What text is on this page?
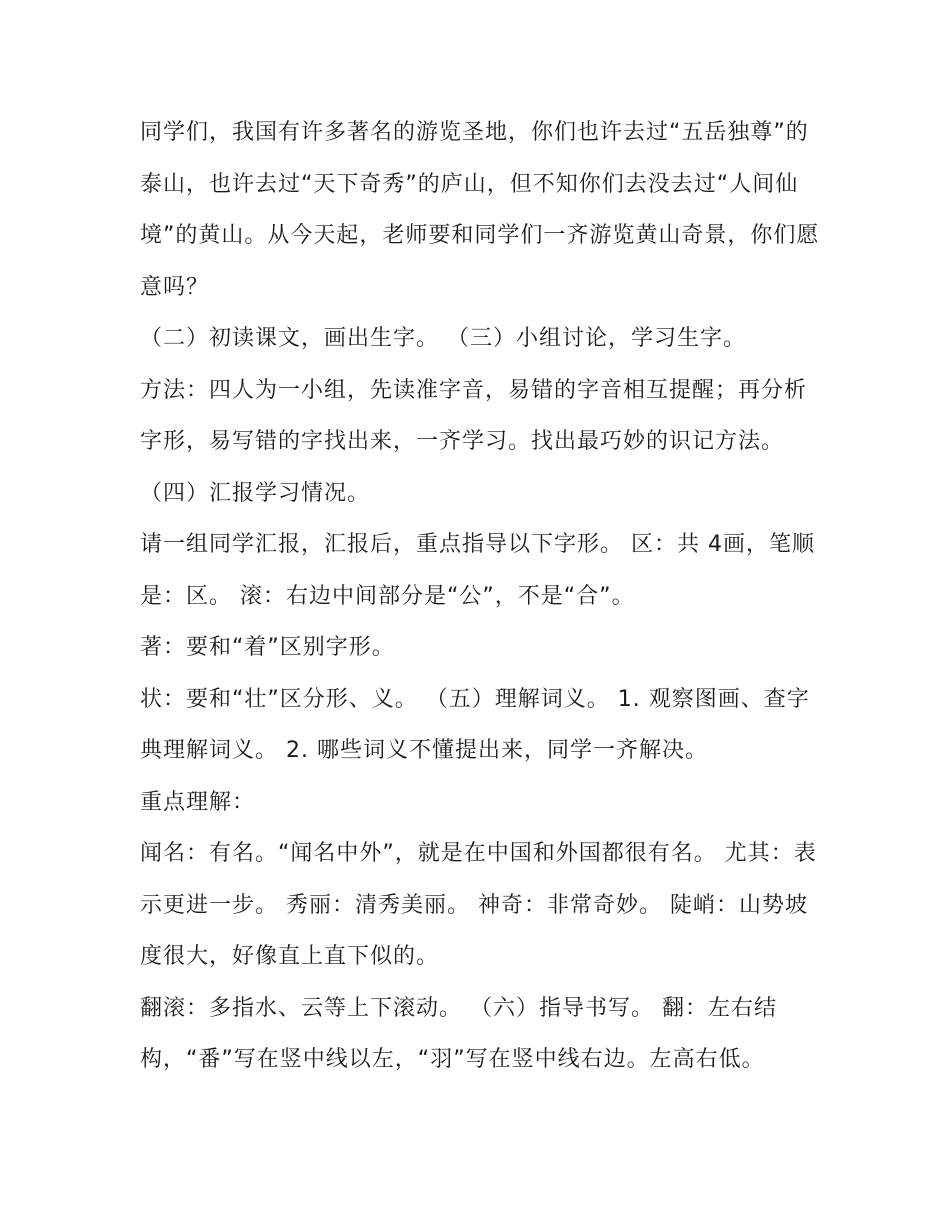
同学们，我国有许多著名的游览圣地，你们也许去过“五岳独尊”的泰山，也许去过“天下奇秀”的庐山，但不知你们去没去过“人间仙境”的黄山。从今天起，老师要和同学们一齐游览黄山奇景，你们愿意吗？

（二）初读课文，画出生字。 （三）小组讨论，学习生字。

方法：四人为一小组，先读准字音，易错的字音相互提醒；再分析字形，易写错的字找出来，一齐学习。找出最巧妙的识记方法。 （四）汇报学习情况。

请一组同学汇报，汇报后，重点指导以下字形。 区：共 4画，笔顺是：区。 滚：右边中间部分是“公”，不是“合”。

著：要和“着”区别字形。

状：要和“壮”区分形、义。 （五）理解词义。 1. 观察图画、查字典理解词义。 2. 哪些词义不懂提出来，同学一齐解决。

重点理解：

闻名：有名。“闻名中外”，就是在中国和外国都很有名。 尤其：表示更进一步。 秀丽：清秀美丽。 神奇：非常奇妙。 陡峭：山势坡度很大，好像直上直下似的。

翻滚：多指水、云等上下滚动。 （六）指导书写。 翻：左右结构，“番”写在竖中线以左，“羽”写在竖中线右边。左高右低。
